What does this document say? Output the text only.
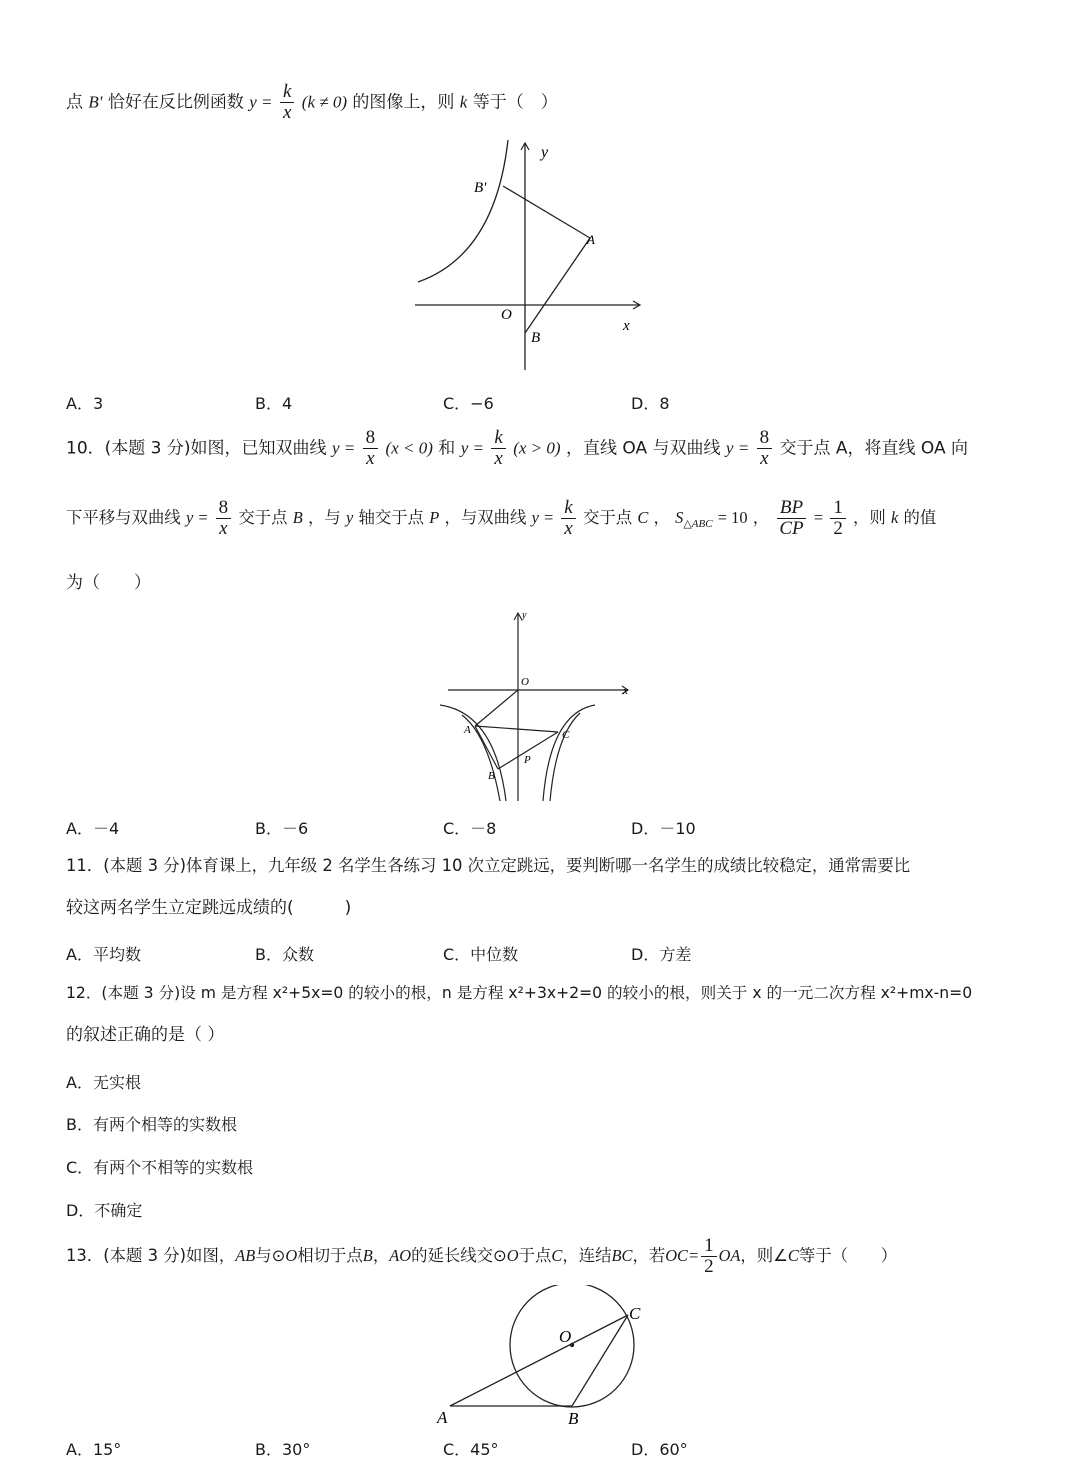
点 B' 恰好在反比例函数 $y = \frac{k}{x} (k \ne 0)$ 的图像上，则 k 等于（　）
y
B'
A
O
B
x
A．3	B．4	C．−6	D．8
10．(本题 3 分)如图，已知双曲线 $y = \frac{8}{x} (x < 0)$ 和 $y = \frac{k}{x} (x > 0)$ ，直线 OA 与双曲线 $y = \frac{8}{x}$ 交于点 A，将直线 OA 向
下平移与双曲线 $y = \frac{8}{x}$ 交于点 B ，与 y 轴交于点 P ，与双曲线 $y = \frac{k}{x}$ 交于点 C ， $S_{\triangle ABC} = 10$ ， $\frac{BP}{CP} = \frac{1}{2}$ ，则 k 的值
为（　　）
y
O
x
A	C
P
B
A．－4	B．－6	C．－8	D．－10
11．(本题 3 分)体育课上，九年级 2 名学生各练习 10 次立定跳远，要判断哪一名学生的成绩比较稳定，通常需要比
较这两名学生立定跳远成绩的(　　　)
A．平均数	B．众数	C．中位数	D．方差
12．(本题 3 分)设 m 是方程 x²+5x=0 的较小的根，n 是方程 x²+3x+2=0 的较小的根，则关于 x 的一元二次方程 x²+mx-n=0
的叙述正确的是（ ）
A．无实根
B．有两个相等的实数根
C．有两个不相等的实数根
D．不确定
13．(本题 3 分)如图，AB与⊙O相切于点B，AO的延长线交⊙O于点C，连结BC，若$OC= \frac{1}{2}$ OA，则∠C等于（　　）
C
O
A	B
A．15°	B．30°	C．45°	D．60°
